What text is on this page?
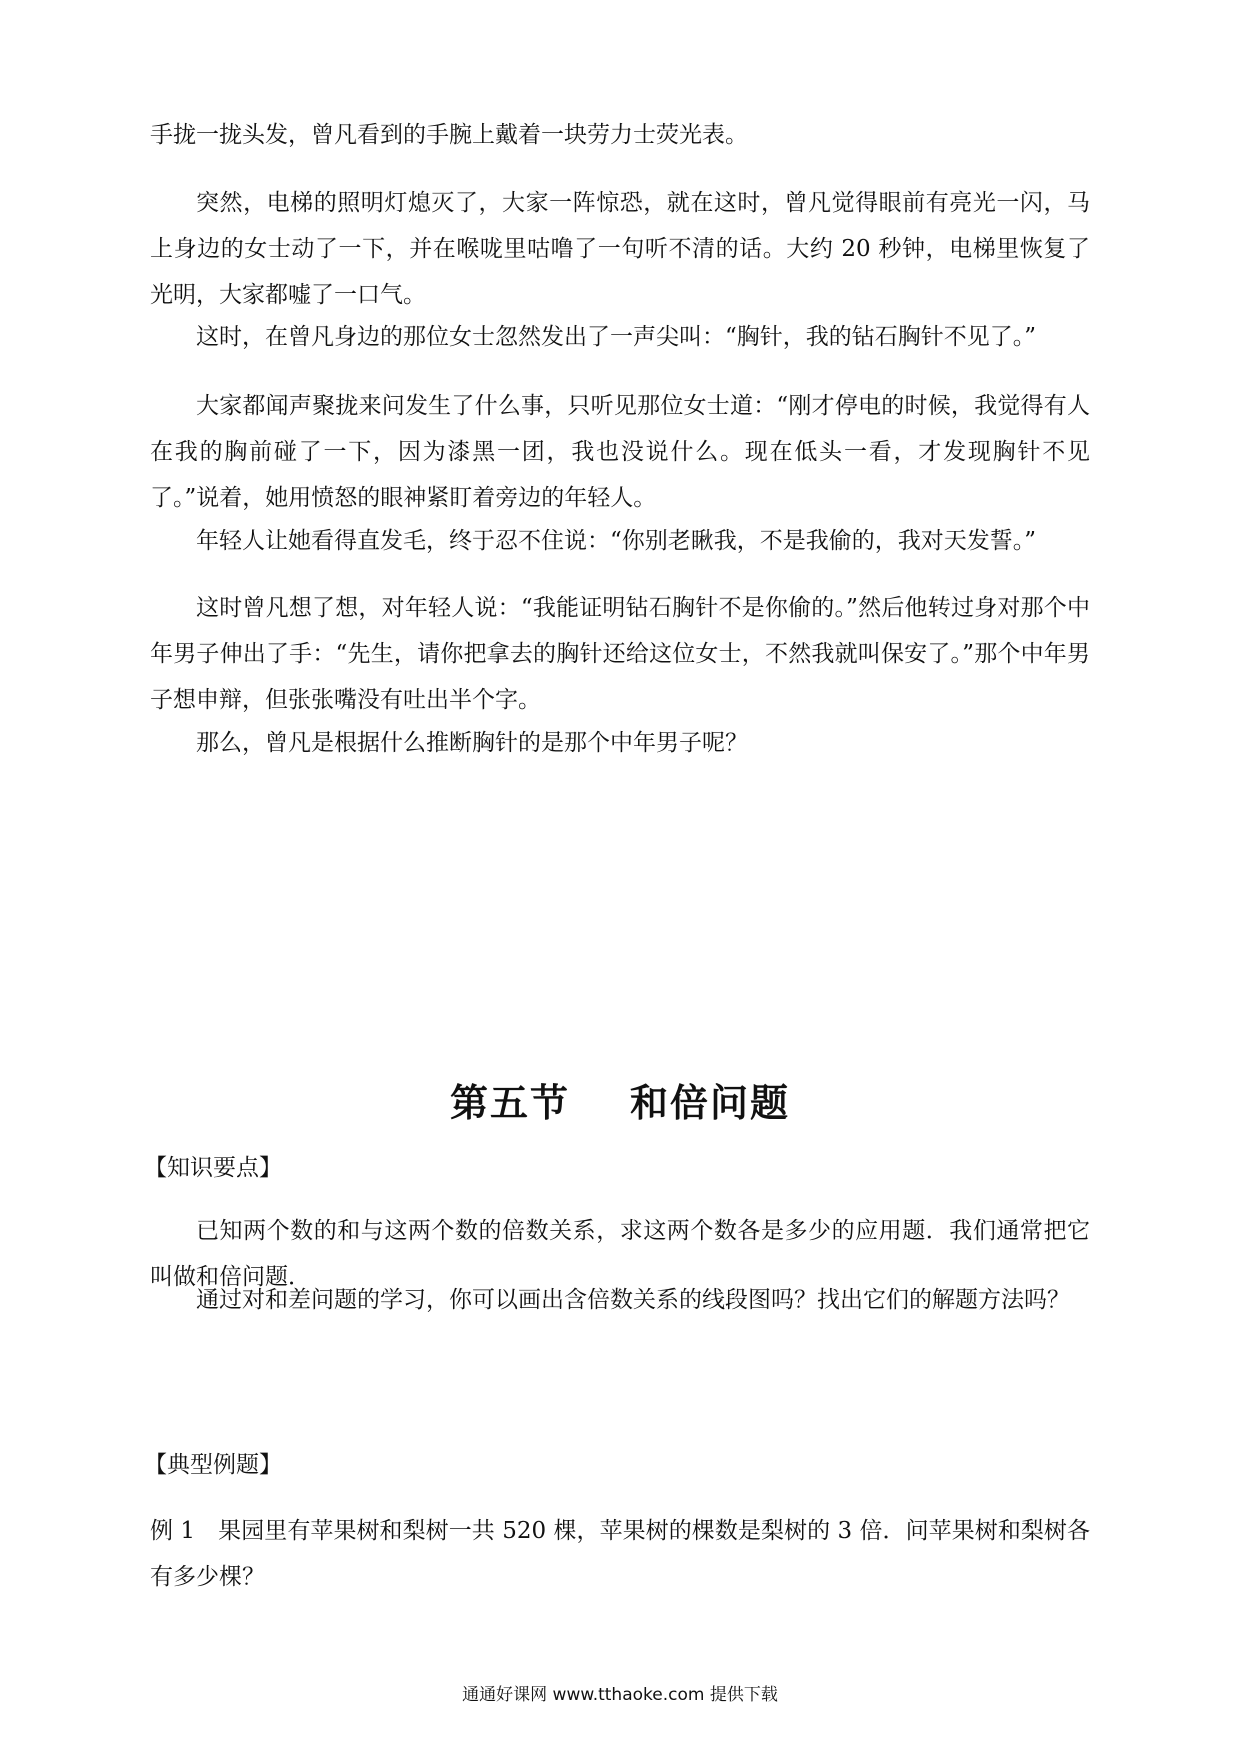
手拢一拢头发，曾凡看到的手腕上戴着一块劳力士荧光表。

突然，电梯的照明灯熄灭了，大家一阵惊恐，就在这时，曾凡觉得眼前有亮光一闪，马上身边的女士动了一下，并在喉咙里咕噜了一句听不清的话。大约 20 秒钟，电梯里恢复了光明，大家都嘘了一口气。

这时，在曾凡身边的那位女士忽然发出了一声尖叫：“胸针，我的钻石胸针不见了。”

大家都闻声聚拢来问发生了什么事，只听见那位女士道：“刚才停电的时候，我觉得有人在我的胸前碰了一下，因为漆黑一团，我也没说什么。现在低头一看，才发现胸针不见了。”说着，她用愤怒的眼神紧盯着旁边的年轻人。

年轻人让她看得直发毛，终于忍不住说：“你别老瞅我，不是我偷的，我对天发誓。”

这时曾凡想了想，对年轻人说：“我能证明钻石胸针不是你偷的。”然后他转过身对那个中年男子伸出了手：“先生，请你把拿去的胸针还给这位女士，不然我就叫保安了。”那个中年男子想申辩，但张张嘴没有吐出半个字。

那么，曾凡是根据什么推断胸针的是那个中年男子呢？

第五节 和倍问题

【知识要点】

已知两个数的和与这两个数的倍数关系，求这两个数各是多少的应用题．我们通常把它叫做和倍问题．

通过对和差问题的学习，你可以画出含倍数关系的线段图吗？找出它们的解题方法吗？

【典型例题】

例 1　果园里有苹果树和梨树一共 520 棵，苹果树的棵数是梨树的 3 倍．问苹果树和梨树各有多少棵？

通通好课网 www.tthaoke.com 提供下载
